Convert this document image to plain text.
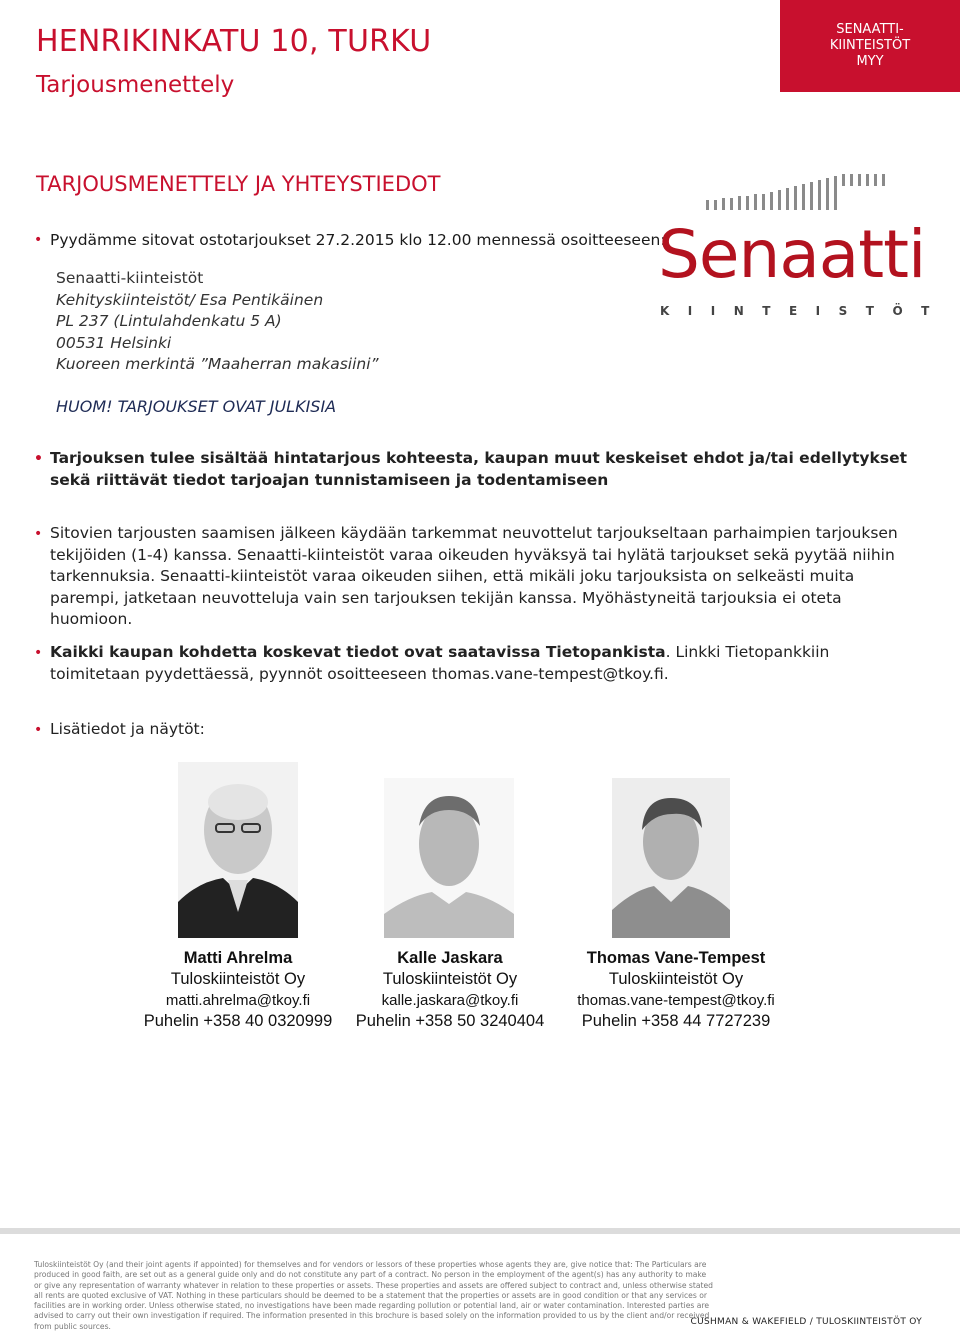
HENRIKINKATU 10, TURKU
Tarjousmenettely
SENAATTI-
KIINTEISTÖT
MYY
TARJOUSMENETTELY JA YHTEYSTIEDOT
• Pyydämme sitovat ostotarjoukset 27.2.2015 klo 12.00 mennessä osoitteeseen:
Senaatti-kiinteistöt
Kehityskiinteistöt/ Esa Pentikäinen
PL 237 (Lintulahdenkatu 5 A)
00531 Helsinki
Kuoreen merkintä ”Maaherran makasiini”
Senaatti
KIINTEISTÖT
HUOM! TARJOUKSET OVAT JULKISIA
• Tarjouksen tulee sisältää hintatarjous kohteesta, kaupan muut keskeiset ehdot ja/tai edellytykset sekä riittävät tiedot tarjoajan tunnistamiseen ja todentamiseen
• Sitovien tarjousten saamisen jälkeen käydään tarkemmat neuvottelut tarjoukseltaan parhaimpien tarjouksen tekijöiden (1-4) kanssa. Senaatti-kiinteistöt varaa oikeuden hyväksyä tai hylätä tarjoukset sekä pyytää niihin tarkennuksia. Senaatti-kiinteistöt varaa oikeuden siihen, että mikäli joku tarjouksista on selkeästi muita parempi, jatketaan neuvotteluja vain sen tarjouksen tekijän kanssa. Myöhästyneitä tarjouksia ei oteta huomioon.
• Kaikki kaupan kohdetta koskevat tiedot ovat saatavissa Tietopankista. Linkki Tietopankkiin toimitetaan pyydettäessä, pyynnöt osoitteeseen thomas.vane-tempest@tkoy.fi.
• Lisätiedot ja näytöt:
Matti Ahrelma
Tuloskiinteistöt Oy
matti.ahrelma@tkoy.fi
Puhelin +358 40 0320999
Kalle Jaskara
Tuloskiinteistöt Oy
kalle.jaskara@tkoy.fi
Puhelin +358 50 3240404
Thomas Vane-Tempest
Tuloskiinteistöt Oy
thomas.vane-tempest@tkoy.fi
Puhelin +358 44 7727239
Tuloskiinteistöt Oy (and their joint agents if appointed) for themselves and for vendors or lessors of these properties whose agents they are, give notice that: The Particulars are produced in good faith, are set out as a general guide only and do not constitute any part of a contract. No person in the employment of the agent(s) has any authority to make or give any representation of warranty whatever in relation to these properties or assets. These properties and assets are offered subject to contract and, unless otherwise stated all rents are quoted exclusive of VAT. Nothing in these particulars should be deemed to be a statement that the properties or assets are in good condition or that any services or facilities are in working order. Unless otherwise stated, no investigations have been made regarding pollution or potential land, air or water contamination. Interested parties are advised to carry out their own investigation if required. The information presented in this brochure is based solely on the information provided to us by the client and/or received from public sources.	CUSHMAN & WAKEFIELD / TULOSKIINTEISTÖT OY
